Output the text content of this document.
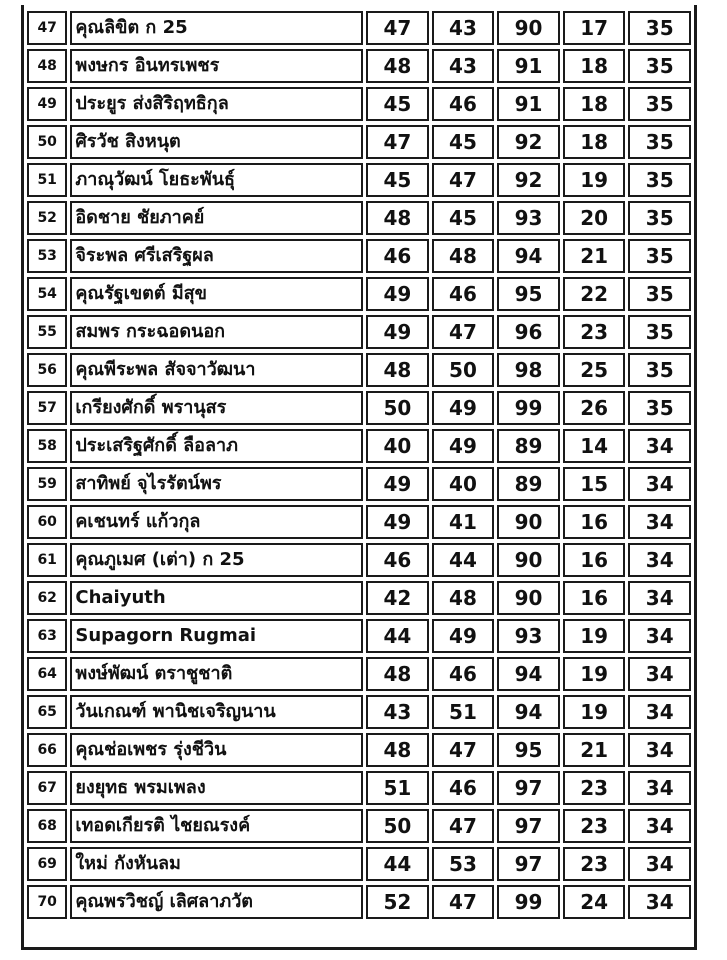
47	คุณลิขิต ก 25	47	43	90	17	35
48	พงษกร อินทรเพชร	48	43	91	18	35
49	ประยูร ส่งสิริฤทธิกุล	45	46	91	18	35
50	ศิรวัช สิงหนุต	47	45	92	18	35
51	ภาณุวัฒน์ โยธะพันธุ์	45	47	92	19	35
52	อิดชาย ชัยภาคย์	48	45	93	20	35
53	จิระพล ศรีเสริฐผล	46	48	94	21	35
54	คุณรัฐเขตต์ มีสุข	49	46	95	22	35
55	สมพร กระฉอดนอก	49	47	96	23	35
56	คุณพีระพล สัจจาวัฒนา	48	50	98	25	35
57	เกรียงศักดิ์ พรานุสร	50	49	99	26	35
58	ประเสริฐศักดิ์ ลือลาภ	40	49	89	14	34
59	สาทิพย์ จุไรรัตน์พร	49	40	89	15	34
60	คเชนทร์ แก้วกุล	49	41	90	16	34
61	คุณภูเมศ (เต่า) ก 25	46	44	90	16	34
62	Chaiyuth	42	48	90	16	34
63	Supagorn Rugmai	44	49	93	19	34
64	พงษ์พัฒน์ ตราชูชาติ	48	46	94	19	34
65	วันเกณฑ์ พานิชเจริญนาน	43	51	94	19	34
66	คุณช่อเพชร รุ่งชีวิน	48	47	95	21	34
67	ยงยุทธ พรมเพลง	51	46	97	23	34
68	เทอดเกียรติ ไชยณรงค์	50	47	97	23	34
69	ใหม่ กังหันลม	44	53	97	23	34
70	คุณพรวิชญ์ เลิศลาภวัต	52	47	99	24	34
